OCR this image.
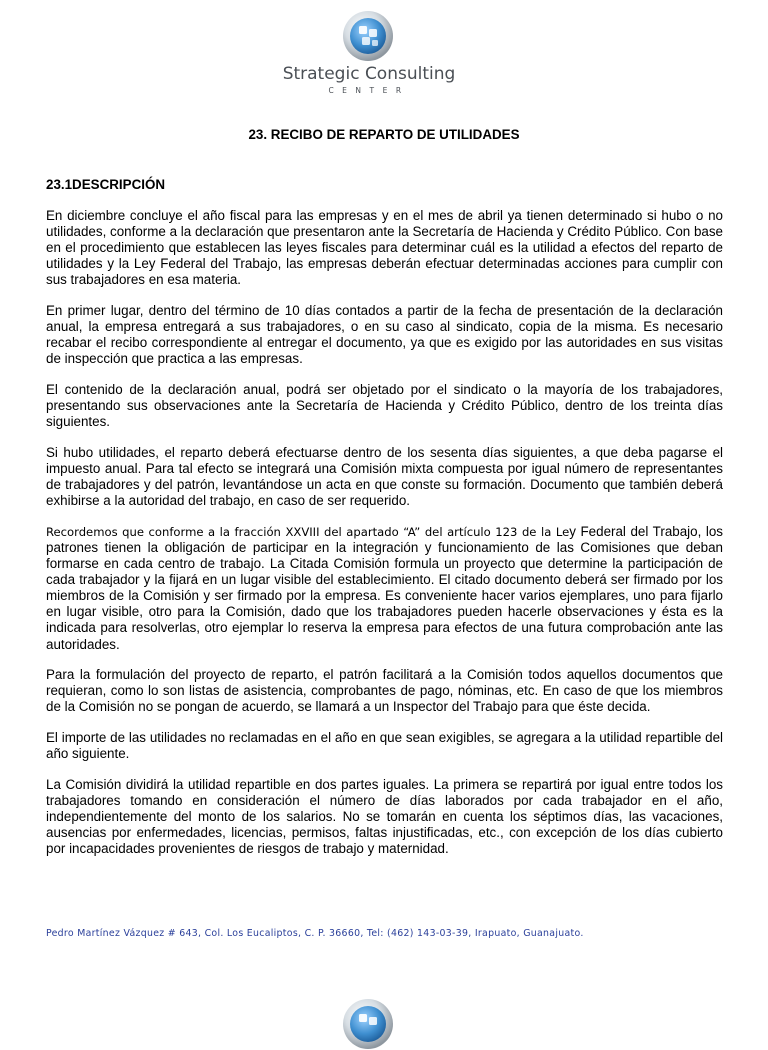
Strategic Consulting
CENTER
23. RECIBO DE REPARTO DE UTILIDADES
23.1DESCRIPCIÓN

En diciembre concluye el año fiscal para las empresas y en el mes de abril ya tienen determinado si hubo o no utilidades, conforme a la declaración que presentaron ante la Secretaría de Hacienda y Crédito Público. Con base en el procedimiento que establecen las leyes fiscales para determinar cuál es la utilidad a efectos del reparto de utilidades y la Ley Federal del Trabajo, las empresas deberán efectuar determinadas acciones para cumplir con sus trabajadores en esa materia.

En primer lugar, dentro del término de 10 días contados a partir de la fecha de presentación de la declaración anual, la empresa entregará a sus trabajadores, o en su caso al sindicato, copia de la misma. Es necesario recabar el recibo correspondiente al entregar el documento, ya que es exigido por las autoridades en sus visitas de inspección que practica a las empresas.

El contenido de la declaración anual, podrá ser objetado por el sindicato o la mayoría de los trabajadores, presentando sus observaciones ante la Secretaría de Hacienda y Crédito Público, dentro de los treinta días siguientes.

Si hubo utilidades, el reparto deberá efectuarse dentro de los sesenta días siguientes, a que deba pagarse el impuesto anual. Para tal efecto se integrará una Comisión mixta compuesta por igual número de representantes de trabajadores y del patrón, levantándose un acta en que conste su formación. Documento que también deberá exhibirse a la autoridad del trabajo, en caso de ser requerido.

Recordemos que conforme a la fracción XXVIII del apartado “A” del artículo 123 de la Ley Federal del Trabajo, los patrones tienen la obligación de participar en la integración y funcionamiento de las Comisiones que deban formarse en cada centro de trabajo. La Citada Comisión formula un proyecto que determine la participación de cada trabajador y la fijará en un lugar visible del establecimiento. El citado documento deberá ser firmado por los miembros de la Comisión y ser firmado por la empresa. Es conveniente hacer varios ejemplares, uno para fijarlo en lugar visible, otro para la Comisión, dado que los trabajadores pueden hacerle observaciones y ésta es la indicada para resolverlas, otro ejemplar lo reserva la empresa para efectos de una futura comprobación ante las autoridades.

Para la formulación del proyecto de reparto, el patrón facilitará a la Comisión todos aquellos documentos que requieran, como lo son listas de asistencia, comprobantes de pago, nóminas, etc. En caso de que los miembros de la Comisión no se pongan de acuerdo, se llamará a un Inspector del Trabajo para que éste decida.

El importe de las utilidades no reclamadas en el año en que sean exigibles, se agregara a la utilidad repartible del año siguiente.

La Comisión dividirá la utilidad repartible en dos partes iguales. La primera se repartirá por igual entre todos los trabajadores tomando en consideración el número de días laborados por cada trabajador en el año, independientemente del monto de los salarios. No se tomarán en cuenta los séptimos días, las vacaciones, ausencias por enfermedades, licencias, permisos, faltas injustificadas, etc., con excepción de los días cubierto por incapacidades provenientes de riesgos de trabajo y maternidad.

Pedro Martínez Vázquez # 643, Col. Los Eucaliptos, C. P. 36660, Tel: (462) 143-03-39, Irapuato, Guanajuato.
